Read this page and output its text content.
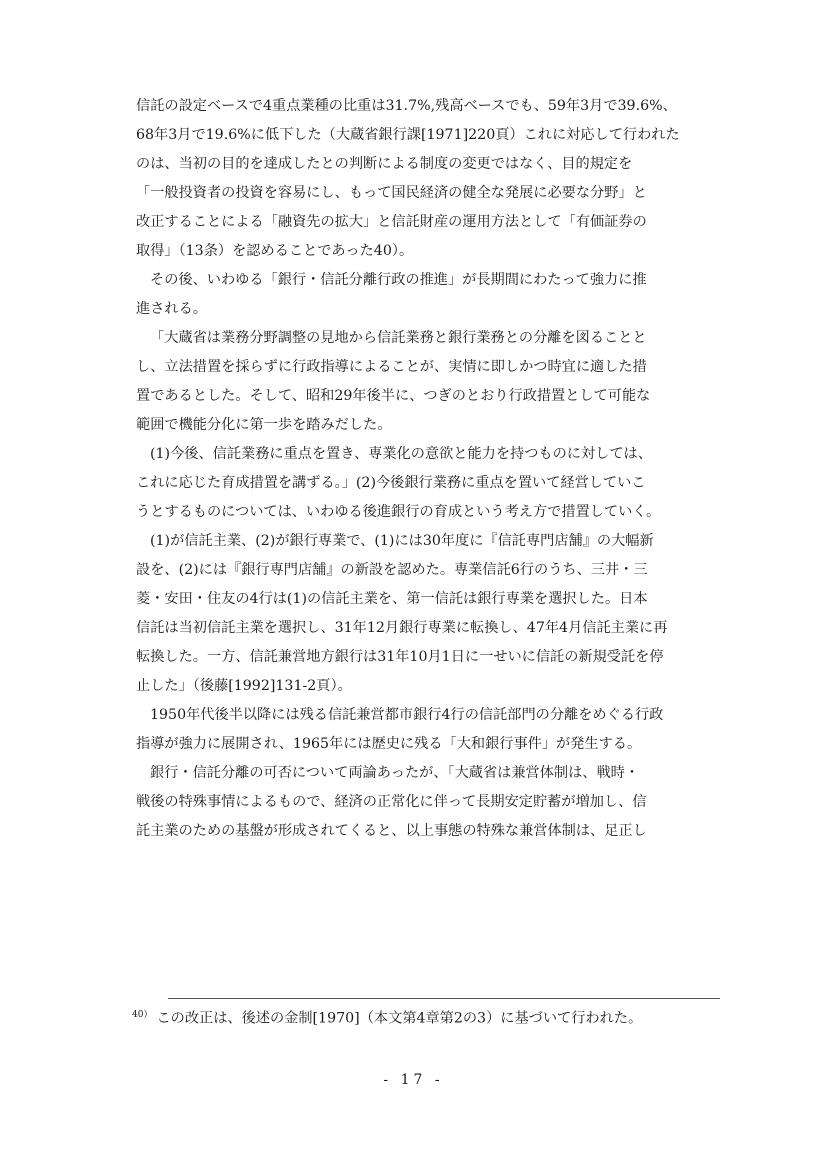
信託の設定ベースで4重点業種の比重は31.7%,残高ベースでも、59年3月で39.6%、
68年3月で19.6%に低下した（大蔵省銀行課[1971]220頁）これに対応して行われた
のは、当初の目的を達成したとの判断による制度の変更ではなく、目的規定を
「一般投資者の投資を容易にし、もって国民経済の健全な発展に必要な分野」と
改正することによる「融資先の拡大」と信託財産の運用方法として「有価証券の
取得」（13条）を認めることであった40）。
その後、いわゆる「銀行・信託分離行政の推進」が長期間にわたって強力に推
進される。
「大蔵省は業務分野調整の見地から信託業務と銀行業務との分離を図ることと
し、立法措置を採らずに行政指導によることが、実情に即しかつ時宜に適した措
置であるとした。そして、昭和29年後半に、つぎのとおり行政措置として可能な
範囲で機能分化に第一歩を踏みだした。
(1)今後、信託業務に重点を置き、専業化の意欲と能力を持つものに対しては、
これに応じた育成措置を講ずる。」(2)今後銀行業務に重点を置いて経営していこ
うとするものについては、いわゆる後進銀行の育成という考え方で措置していく。
(1)が信託主業、(2)が銀行専業で、(1)には30年度に『信託専門店舗』の大幅新
設を、(2)には『銀行専門店舗』の新設を認めた。専業信託6行のうち、三井・三
菱・安田・住友の4行は(1)の信託主業を、第一信託は銀行専業を選択した。日本
信託は当初信託主業を選択し、31年12月銀行専業に転換し、47年4月信託主業に再
転換した。一方、信託兼営地方銀行は31年10月1日に一せいに信託の新規受託を停
止した」（後藤[1992]131-2頁）。
1950年代後半以降には残る信託兼営都市銀行4行の信託部門の分離をめぐる行政
指導が強力に展開され、1965年には歴史に残る「大和銀行事件」が発生する。
銀行・信託分離の可否について両論あったが、「大蔵省は兼営体制は、戦時・
戦後の特殊事情によるもので、経済の正常化に伴って長期安定貯蓄が増加し、信
託主業のための基盤が形成されてくると、以上事態の特殊な兼営体制は、足正し
$^{40)}$ この改正は、後述の金制[1970]（本文第4章第2の3）に基づいて行われた。
- 17 -
